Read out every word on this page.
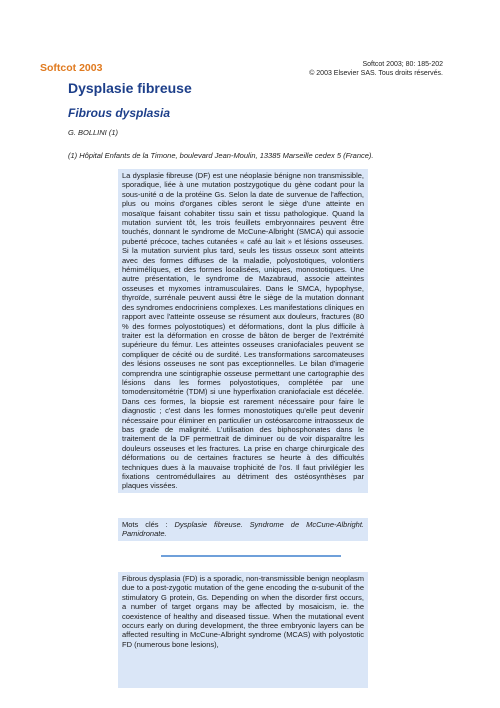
Softcot 2003	Softcot 2003; 80: 185-202
© 2003 Elsevier SAS. Tous droits réservés.
Dysplasie fibreuse
Fibrous dysplasia
G. BOLLINI (1)
(1) Hôpital Enfants de la Timone, boulevard Jean-Moulin, 13385 Marseille cedex 5 (France).
La dysplasie fibreuse (DF) est une néoplasie bénigne non transmissible, sporadique, liée à une mutation postzygotique du gène codant pour la sous-unité α de la protéine Gs. Selon la date de survenue de l'affection, plus ou moins d'organes cibles seront le siège d'une atteinte en mosaïque faisant cohabiter tissu sain et tissu pathologique. Quand la mutation survient tôt, les trois feuillets embryonnaires peuvent être touchés, donnant le syndrome de McCune-Albright (SMCA) qui associe puberté précoce, taches cutanées « café au lait » et lésions osseuses. Si la mutation survient plus tard, seuls les tissus osseux sont atteints avec des formes diffuses de la maladie, polyostotiques, volontiers hémimélíques, et des formes localisées, uniques, monostotiques. Une autre présentation, le syndrome de Mazabraud, associe atteintes osseuses et myxomes intramusculaires. Dans le SMCA, hypophyse, thyroïde, surrénale peuvent aussi être le siège de la mutation donnant des syndromes endocriniens complexes. Les manifestations cliniques en rapport avec l'atteinte osseuse se résument aux douleurs, fractures (80 % des formes polyostotiques) et déformations, dont la plus difficile à traiter est la déformation en crosse de bâton de berger de l'extrémité supérieure du fémur. Les atteintes osseuses craniofaciales peuvent se compliquer de cécité ou de surdité. Les transformations sarcomateuses des lésions osseuses ne sont pas exceptionnelles. Le bilan d'imagerie comprendra une scintigraphie osseuse permettant une cartographie des lésions dans les formes polyostotiques, complétée par une tomodensitométrie (TDM) si une hyperfixation craniofaciale est décelée. Dans ces formes, la biopsie est rarement nécessaire pour faire le diagnostic ; c'est dans les formes monostotiques qu'elle peut devenir nécessaire pour éliminer en particulier un ostéosarcome intraosseux de bas grade de malignité. L'utilisation des biphosphonates dans le traitement de la DF permettrait de diminuer ou de voir disparaître les douleurs osseuses et les fractures. La prise en charge chirurgicale des déformations ou de certaines fractures se heurte à des difficultés techniques dues à la mauvaise trophicité de l'os. Il faut privilégier les fixations centromédullaires au détriment des ostéosynthèses par plaques vissées.
Mots clés : Dysplasie fibreuse. Syndrome de McCune-Albright. Pamidronate.
Fibrous dysplasia (FD) is a sporadic, non-transmissible benign neoplasm due to a post-zygotic mutation of the gene encoding the α-subunit of the stimulatory G protein, Gs. Depending on when the disorder first occurs, a number of target organs may be affected by mosaicism, ie. the coexistence of healthy and diseased tissue. When the mutational event occurs early on during development, the three embryonic layers can be affected resulting in McCune-Albright syndrome (MCAS) with polyostotic FD (numerous bone lesions),
